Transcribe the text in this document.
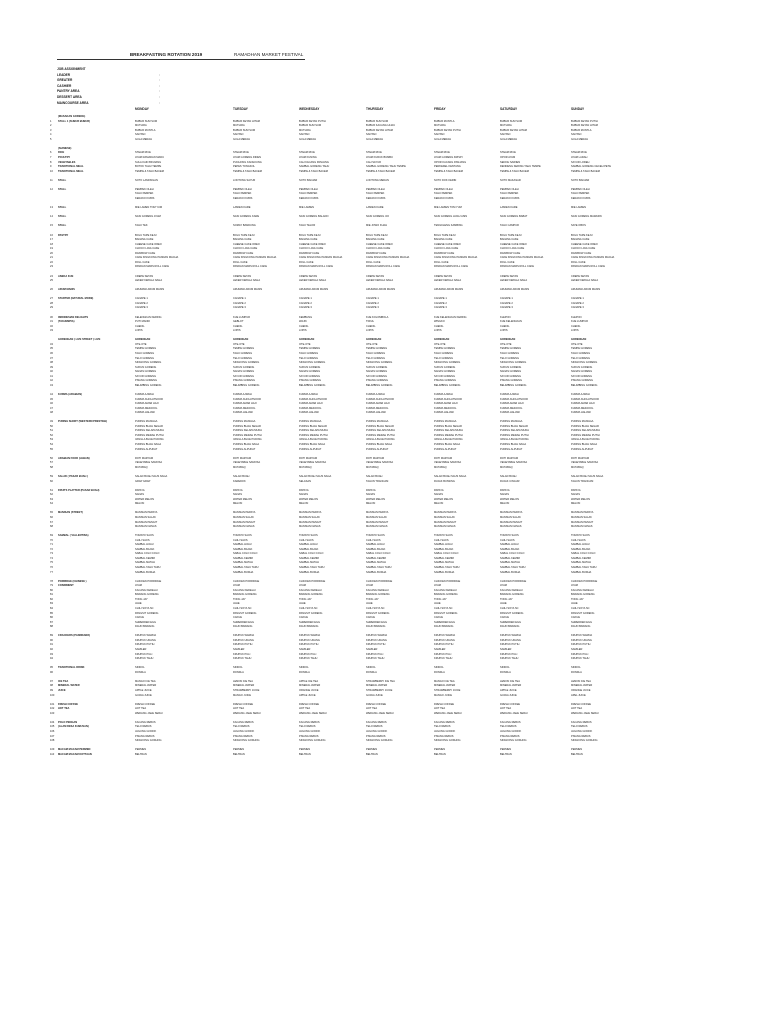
BREAKFASTING ROTATION 2019	RAMADHAN MARKET FESTIVAL
JOB ASSIGNMENT
LEADER	:
GREATER	:
CASHIER	:
PANTRY AREA	:
DESSERT AREA	:
MAINCOURSE AREA	:
MONDAY	TUESDAY	WEDNESDAY	THURSDAY	FRIDAY	SATURDAY	SUNDAY
(MASAKAN GORENG)
1	STALL 1 (SUBUR BUBUR)	BUBUR SUM SUM	BUBUR KETAN HITAM	BUBUR KETAN PUTIH	BUBUR SUM SUM	BUBUR MUNTLA	BUBUR SUM SUM	BUBUR KETAN PUTIH
2	MUTIARA	MUTIARA	BUBUR SUM SUM	BUBUR KACANG HIJAU	MUTIARA	MUTIARA	BUBUR KETAN HITAM
3	BUBUR MUNTLA	BUBUR SUM SUM	MUTIARA	BUBUR KETAN HITAM	BUBUR KETAN PUTIH	BUBUR KETAN HITAM	BUBUR MUNTLA
4	SANTAN	SANTAN	SANTAN	SANTAN	SANTAN	SANTAN	SANTAN
5	GULA MERAH	GULA MERAH	GULA MERAH	GULA MERAH	GULA MERAH	GULA MERAH	GULA MERAH
(SIAMESE)
6	RICE	STEAM RICE	STEAM RICE	STEAM RICE	STEAM RICE	STEAM RICE	STEAM RICE	STEAM RICE
7	POULTRY	AYAM RAMADAN MADU	AYAM GORENG INDEN	AYAM KUNING	AYAM KURUK BUMBU	AYAM GORENG KRISPI	OPOR AYAM	AYAM LADAH
8	VEGETABLES	SULA KAIN BINJIANG	PUCHONG KANGKUNG	CAH KACANG PANJANG	CAH SAYUR	OPOR KACANG PANJANG	SEDOH SAWIEN	SAYUR LODEH
9	TRADITIONAL MEAL	BOTOK TAHU TEMPE	PEPES TONGKOL	SAMBAL GORENG TAHU	SAMBAL GORENG TAHU TEMPE	PERKEDEL KENTANG	DENDENG KERING TAHU TEMPE	SAMBAL GORENG CECEH PETE
10 TRADITIONAL MEAL	TEMPE & TAHU BACEM	TEMPE & TAHU BACEM	TEMPE & TAHU BACEM	TEMPE & TAHU BACEM	TEMPE & TAHU BACEM	TEMPE & TAHU BACEM	TEMPE & TAHU BACEM
11 STALL	SOTO LAMONGAN	LONTONG SAYUR	SOTO BANJAR	LONTONG MEDAN	SOTO DOK KERIN	SOTO MAKASAR	SOTO BANJAR
12 STALL	PEMPEK OLEH	PEMPEK OLEH	PEMPEK OLEH	PEMPEK OLEH	PEMPEK OLEH	PEMPEK OLEH	PEMPEK OLEH
TAHU PEMPEK	TAHU PEMPEK	TAHU PEMPEK	TAHU PEMPEK	TAHU PEMPEK	TAHU PEMPEK	TAHU PEMPEK
KERAKO KUBIS	KERAKO KUBIS	KERAKO KUBIS	KERAKO KUBIS	KERAKO KUBIS	KERAKO KUBIS	KERAKO KUBIS
13 STALL	MIE LAMEN TOM YUM	LAMIEN KARE	MIE LAMIEN	LAMIEN KARE	MIE LAMIEN TOM YUM	LAMIEN KARE	MIE LAMIEN
14 STALL	NASI GORENG AYAM	NASI GORENG KARE	NASI GORENG BALADO	NASI GORENG IJO	NASI GORENG HIJAU ASIN	NASI GORENG BABAT	NASI GORENG MAWARN
15 STALL	TAHU TEK	SOMAY BANDUNG	TAHU TELOR	MIE JOWO KUAH	TENGKLENG KAMBING	TAHU CAMPUR	SATE OBOS
16 PASTRY	BOLU TAPE KEJU	BOLU TAPE KEJU	BOLU TAPE KEJU	BOLU TAPE KEJU	BOLU TAPE KEJU	BOLU TAPE KEJU	BOLU TAPE KEJU
17	BANANA CAKE	BANANA CAKE	BANANA CAKE	BANANA CAKE	BANANA CAKE	BANANA CAKE	BANANA CAKE
18	CHEESE CAKE OREO	CHEESE CAKE OREO	CHEESE CAKE OREO	CHEESE CAKE OREO	CHEESE CAKE OREO	CHEESE CAKE OREO	CHEESE CAKE OREO
19	CHOCO LAVA CAKE	CHOCO LAVA CAKE	CHOCO LAVA CAKE	CHOCO LAVA CAKE	CHOCO LAVA CAKE	CHOCO LAVA CAKE	CHOCO LAVA CAKE
20	RAINBOW CAKE	RAINBOW CAKE	RAINBOW CAKE	RAINBOW CAKE	RAINBOW CAKE	RAINBOW CAKE	RAINBOW CAKE
21	CAKE KINGKONG PANDAN MACHA	CAKE KINGKONG PANDAN MACHA	CAKE KINGKONG PANDAN MACHA	CAKE KINGKONG PANDAN MACHA	CAKE KINGKONG PANDAN MACHA	CAKE KINGKONG PANDAN MACHA	CAKE KINGKONG PANDAN MACHA
22	ROLL CAKE	ROLL CAKE	ROLL CAKE	ROLL CAKE	ROLL CAKE	ROLL CAKE	ROLL CAKE
23	PANDAN MARS ROLL CAKE	PANDAN MARS ROLL CAKE	PANDAN MARS ROLL CAKE	PANDAN MARS ROLL CAKE	PANDAN MARS ROLL CAKE	PANDAN MARS ROLL CAKE	PANDAN MARS ROLL CAKE
24 ANEKA KUE	CREPE SETAN	CREPE SETAN	CREPE SETAN	CREPE SETAN	CREPE SETAN	CREPE SETAN	CREPE SETAN
25	LEKER KEPALA NAGA	LEKER KEPALA NAGA	LEKER KEPALA NAGA	LEKER KEPALA NAGA	LEKER KEPALA NAGA	LEKER KEPALA NAGA	LEKER KEPALA NAGA
26 ARUM MANIS	ARUMANI ARUM MANIS	ARUMANI ARUM MANIS	ARUMANI ARUM MANIS	ARUMANI ARUM MANIS	ARUMANI ARUM MANIS	ARUMANI ARUM MANIS	ARUMANI ARUM MANIS
27 STARTER (NATURAL MODE)	CANAPE 1	CANAPE 1	CANAPE 1	CANAPE 1	CANAPE 1	CANAPE 1	CANAPE 1
28	CANAPE 2	CANAPE 2	CANAPE 2	CANAPE 2	CANAPE 2	CANAPE 2	CANAPE 2
29	CANAPE 3	CANAPE 3	CANAPE 3	CANAPE 3	CANAPE 3	CANAPE 3	CANAPE 3
30 INDONESIAN DELIGHTS	KELENGKAN KERING	KUE LUMPUR	KEMBUNG	KUE KOLOMBOLA	KUE KELENGKAN KERING	KLEPON	KLEPON
31 (TAKJEMPIA)	PUTI MANDI	GEBLOT	WAJIK	TIWUL	WINGKO	KUE KELENGKAN	KUE LUMPUR
32	CHENIL	CHENIL	CHENIL	CHENIL	CHENIL	CHENIL	CHENIL
33	LOPIS	LOPIS	LOPIS	LOPIS	LOPIS	LOPIS	LOPIS
GORENGAN ( LIVE STREET ) LIVE	GORENGAN	GORENGAN	GORENGAN	GORENGAN	GORENGAN	GORENGAN	GORENGAN
34	OTE-OTE	OTE-OTE	OTE-OTE	OTE-OTE	OTE-OTE	OTE-OTE	OTE-OTE
35	TEMPE GORENG	TEMPE GORENG	TEMPE GORENG	TEMPE GORENG	TEMPE GORENG	TEMPE GORENG	TEMPE GORENG
36	TAHU GORENG	TAHU GORENG	TAHU GORENG	TAHU GORENG	TAHU GORENG	TAHU GORENG	TAHU GORENG
37	TELO GORENG	TELO GORENG	TELO GORENG	TELO GORENG	TELO GORENG	TELO GORENG	TELO GORENG
38	SINGKONG GORENG	SINGKONG GORENG	SINGKONG GORENG	SINGKONG GORENG	SINGKONG GORENG	SINGKONG GORENG	SINGKONG GORENG
39	SUKUN GORENG	SUKUN GORENG	SUKUN GORENG	SUKUN GORENG	SUKUN GORENG	SUKUN GORENG	SUKUN GORENG
40	NANAS GORENG	NANAS GORENG	NANAS GORENG	NANAS GORENG	NANAS GORENG	NANAS GORENG	NANAS GORENG
41	SAYUR GORENG	SAYUR GORENG	SAYUR GORENG	SAYUR GORENG	SAYUR GORENG	SAYUR GORENG	SAYUR GORENG
42	PISANG GORENG	PISANG GORENG	PISANG GORENG	PISANG GORENG	PISANG GORENG	PISANG GORENG	PISANG GORENG
43	BELIMBING GORENG	BELIMBING GORENG	BELIMBING GORENG	BELIMBING GORENG	BELIMBING GORENG	BELIMBING GORENG	BELIMBING GORENG
44 KURMA (ARABIAN)	KURMA AJWAH	KURMA AJWAH	KURMA AJWAH	KURMA AJWAH	KURMA AJWAH	KURMA AJWAH	KURMA AJWAH
45	KURMA KHOLATNOOR	KURMA KHOLATNOOR	KURMA KHOLATNOOR	KURMA KHOLATNOOR	KURMA KHOLATNOOR	KURMA KHOLATNOOR	KURMA KHOLATNOOR
46	KURMA AMAR HAJI	KURMA AMAR HAJI	KURMA AMAR HAJI	KURMA AMAR HAJI	KURMA AMAR HAJI	KURMA AMAR HAJI	KURMA AMAR HAJI
47	KURMA MEDJOOL	KURMA MEDJOOL	KURMA MEDJOOL	KURMA MEDJOOL	KURMA MEDJOOL	KURMA MEDJOOL	KURMA MEDJOOL
48	KURMA HALAWI	KURMA HALAWI	KURMA HALAWI	KURMA HALAWI	KURMA HALAWI	KURMA HALAWI	KURMA HALAWI
49 PUDING SHORT (WESTERN PRESTIGE)	PUDING MANGGA	PUDING MANGGA	PUDING MANGGA	PUDING MANGGA	PUDING MANGGA	PUDING MANGGA	PUDING MANGGA
50	PUDING BUAH SEGAR	PUDING BUAH SEGAR	PUDING BUAH SEGAR	PUDING BUAH SEGAR	PUDING BUAH SEGAR	PUDING BUAH SEGAR	PUDING BUAH SEGAR
51	PUDING KELAPA MUDA	PUDING KELAPA MUDA	PUDING KELAPA MUDA	PUDING KELAPA MUDA	PUDING KELAPA MUDA	PUDING KELAPA MUDA	PUDING KELAPA MUDA
52	PUDING MERAH PUTIH	PUDING MERAH PUTIH	PUDING MERAH PUTIH	PUDING MERAH PUTIH	PUDING MERAH PUTIH	PUDING MERAH PUTIH	PUDING MERAH PUTIH
53	VANILLA BLUE PUDING	VANILLA BLUE PUDING	VANILLA BLUE PUDING	VANILLA BLUE PUDING	VANILLA BLUE PUDING	VANILLA BLUE PUDING	VANILLA BLUE PUDING
54	PUDING BUAH NAGA	PUDING BUAH NAGA	PUDING BUAH NAGA	PUDING BUAH NAGA	PUDING BUAH NAGA	PUDING BUAH NAGA	PUDING BUAH NAGA
55	PUDING ALPUKAT	PUDING ALPUKAT	PUDING ALPUKAT	PUDING ALPUKAT	PUDING ALPUKAT	PUDING ALPUKAT	PUDING ALPUKAT
56 ARABIAN FOOD (LEBAN)	ROTI MARYAM	ROTI MARYAM	ROTI MARYAM	ROTI MARYAM	ROTI MARYAM	ROTI MARYAM	ROTI MARYAM
57	VEGETABLE SAMOSA	VEGETABLE SAMOSA	VEGETABLE SAMOSA	VEGETABLE SAMOSA	VEGETABLE SAMOSA	VEGETABLE SAMOSA	VEGETABLE SAMOSA
58	MUTABAQ	MUTABAQ	MUTABAQ	MUTABAQ	MUTABAQ	MUTABAQ	MUTABAQ
59 SALAD ( PASAR BUAH )	SALAD BUAH SAUS NAGA	SALAD BUAH	SALAD BUAH SAUS NAGA	SALAD BUAH	SALAD BUAH SAUS NAGA	SALAD BUAH	SALAD BUAH SAUS NAGA
60	GRAP GRAP	KAREDOK	SELASAN	TAHUN TRANCAM	RUJAK BUSSING	RUJAK CINGUR	TAHUN TRANCAM
61 FRUITS PLATTER (PASAR BUAH)	PAPAYA	PAPAYA	PAPAYA	PAPAYA	PAPAYA	PAPAYA	PAPAYA
62	NANAS	NANAS	NANAS	NANAS	NANAS	NANAS	NANAS
63	WATER MELON	WATER MELON	WATER MELON	WATER MELON	WATER MELON	WATER MELON	WATER MELON
64	MELON	MELON	MELON	MELON	MELON	MELON	MELON
65 MANISAN (STREET)	MANISAN PEPAYA	MANISAN PEPAYA	MANISAN PEPAYA	MANISAN PEPAYA	MANISAN PEPAYA	MANISAN PEPAYA	MANISAN PEPAYA
66	MANISAN SALAK	MANISAN SALAK	MANISAN SALAK	MANISAN SALAK	MANISAN SALAK	MANISAN SALAK	MANISAN SALAK
67	MANISAN PENGIT	MANISAN PENGIT	MANISAN PENGIT	MANISAN PENGIT	MANISAN PENGIT	MANISAN PENGIT	MANISAN PENGIT
68	MANISAN NANAS	MANISAN NANAS	MANISAN NANAS	MANISAN NANAS	MANISAN NANAS	MANISAN NANAS	MANISAN NANAS
69 SAMBAL ( VALLENTINA)	TOMATO SAOS	TOMATO SAOS	TOMATO SAOS	TOMATO SAOS	TOMATO SAOS	TOMATO SAOS	TOMATO SAOS
70	CHILI SAOS	CHILI SAOS	CHILI SAOS	CHILI SAOS	CHILI SAOS	CHILI SAOS	CHILI SAOS
71	SAMBAL HIJAU	SAMBAL HIJAU	SAMBAL HIJAU	SAMBAL HIJAU	SAMBAL HIJAU	SAMBAL HIJAU	SAMBAL HIJAU
72	SAMBAL BAJAK	SAMBAL BAJAK	SAMBAL BAJAK	SAMBAL BAJAK	SAMBAL BAJAK	SAMBAL BAJAK	SAMBAL BAJAK
73	SABAL COLO COLO	SABAL COLO COLO	SABAL COLO COLO	SABAL COLO COLO	SABAL COLO COLO	SABAL COLO COLO	SABAL COLO COLO
74	SAMBAL KEMIRI	SAMBAL KEMIRI	SAMBAL KEMIRI	SAMBAL KEMIRI	SAMBAL KEMIRI	SAMBAL KEMIRI	SAMBAL KEMIRI
75	SAMBAL MATAH	SAMBAL MATAH	SAMBAL MATAH	SAMBAL MATAH	SAMBAL MATAH	SAMBAL MATAH	SAMBAL MATAH
76	SAMBAL TAHU TARU	SAMBAL TAHU TARU	SAMBAL TAHU TARU	SAMBAL TAHU TARU	SAMBAL TAHU TARU	SAMBAL TAHU TARU	SAMBAL TAHU TARU
77	SAMBAL BUDHA	SAMBAL BUDHA	SAMBAL BUDHA	SAMBAL BUDHA	SAMBAL BUDHA	SAMBAL BUDHA	SAMBAL BUDHA
78 PORRIDGE (CHINESE )	CHICKEN PORRIDGE	CHICKEN PORRIDGE	CHICKEN PORRIDGE	CHICKEN PORRIDGE	CHICKEN PORRIDGE	CHICKEN PORRIDGE	CHICKEN PORRIDGE
79 CONDIMENT	AYAM	AYAM	AYAM	AYAM	AYAM	AYAM	AYAM
80	KACANG KEDELAI	KACANG KEDELAI	KACANG KEDELAI	KACANG KEDELAI	KACANG KEDELAI	KACANG KEDELAI	KACANG KEDELAI
81	BAWANG GORENG	BAWANG GORENG	BAWANG GORENG	BAWANG GORENG	BAWANG GORENG	BAWANG GORENG	BAWANG GORENG
82	TONG JAY	TONG JAY	TONG JAY	TONG JAY	TONG JAY	TONG JAY	TONG JAY
83	JAHE	JAHE	JAHE	JAHE	JAHE	JAHE	JAHE
84	CHILI SOYA SC	CHILI SOYA SC	CHILI SOYA SC	CHILI SOYA SC	CHILI SOYA SC	CHILI SOYA SC	CHILI SOYA SC
85	PANGSIT GORENG	PANGSIT GORENG	PANGSIT GORENG	PANGSIT GORENG	PANGSIT GORENG	PANGSIT GORENG	PANGSIT GORENG
86	CAKUE	CAKUE	CAKUE	CAKUE	CAKUE	CAKUE	CAKUE
87	SHREDDED EGG	SHREDDED EGG	SHREDDED EGG	SHREDDED EGG	SHREDDED EGG	SHREDDED EGG	SHREDDED EGG
88	DAUN BAWANG	DAUN BAWANG	DAUN BAWANG	DAUN BAWANG	DAUN BAWANG	DAUN BAWANG	DAUN BAWANG
89 CRACKERS (PANDRAWA)	KRUPUK WARNA	KRUPUK WARNA	KRUPUK WARNA	KRUPUK WARNA	KRUPUK WARNA	KRUPUK WARNA	KRUPUK WARNA
90	KRUPUK UDANG	KRUPUK UDANG	KRUPUK UDANG	KRUPUK UDANG	KRUPUK UDANG	KRUPUK UDANG	KRUPUK UDANG
91	KRUPUK PUTIH	KRUPUK PUTIH	KRUPUK PUTIH	KRUPUK PUTIH	KRUPUK PUTIH	KRUPUK PUTIH	KRUPUK PUTIH
92	SAMILER	SAMILER	SAMILER	SAMILER	SAMILER	SAMILER	SAMILER
93	KRUPUK PULI	KRUPUK PULI	KRUPUK PULI	KRUPUK PULI	KRUPUK PULI	KRUPUK PULI	KRUPUK PULI
94	KRUPUK TAHU	KRUPUK TAHU	KRUPUK TAHU	KRUPUK TAHU	KRUPUK TAHU	KRUPUK TAHU	KRUPUK TAHU
95 TRADITIONAL DRINK	SINDOL	SINDOL	SINDOL	SINDOL	SINDOL	SINDOL	SINDOL
96	RONDLA	RONDLA	RONDLA	RONDLA	RONDLA	RONDLA	RONDLA
97 ICE TEA	MANGO ICE TEA	LEMON ICE TEA	APPLE ICE TEA	STRAWBERRY ICE TEA	MANGO ICE TEA	LEMON ICE TEA	LEMON ICE TEA
98 MINERAL WATER	MINERAL WATER	MINERAL WATER	MINERAL WATER	MINERAL WATER	MINERAL WATER	MINERAL WATER	MINERAL WATER
99 JUICE	APPLE JUICE	STRAWBERRY JUICE	ORANGE JUICE	STRAWBERRY JUICE	STRAWBERRY JUICE	APPLE JUICE	ORANGE JUICE
100	GUAVA JUICE	MANGO JUICE	APPLE JUICE	GUAVA JUICE	MANGO JUICE	GUAVA JUICE	APEL JUICE
101 FRESH COFFEE	FRESH COFFEE	FRESH COFFEE	FRESH COFFEE	FRESH COFFEE	FRESH COFFEE	FRESH COFFEE	FRESH COFFEE
102 HOT TEA	HOT TEA	HOT TEA	HOT TEA	HOT TEA	HOT TEA	HOT TEA	HOT TEA
103	WEDANG JAHE SERAI	WEDANG JAHE SERAI	WEDANG JAHE SERAI	WEDANG JAHE SERAI	WEDANG JAHE SERAI	WEDANG JAHE SERAI	WEDANG JAHE SERAI
104 POLO PENGAN	KACANG REBUS	KACANG REBUS	KACANG REBUS	KACANG REBUS	KACANG REBUS	KACANG REBUS	KACANG REBUS
105 (ALAM DESA KUBUSAN)	TELO REBUS	TELO REBUS	TELO REBUS	TELO REBUS	TELO REBUS	TELO REBUS	TELO REBUS
106	JAGUNG GODOK	JAGUNG GODOK	JAGUNG GODOK	JAGUNG GODOK	JAGUNG GODOK	JAGUNG GODOK	JAGUNG GODOK
107	PISANG REBUS	PISANG REBUS	PISANG REBUS	PISANG REBUS	PISANG REBUS	PISANG REBUS	PISANG REBUS
108	SINGKONG GODHOG	SINGKONG GODHOG	SINGKONG GODHOG	SINGKONG GODHOG	SINGKONG GODHOG	SINGKONG GODHOG	SINGKONG GODHOG
109 MACAM MACAM PERMEN	PERMEN	PERMEN	PERMEN	PERMEN	PERMEN	PERMEN	PERMEN
110 MACAM MACAM KOTTAAN	BELTRAN	BELTRAN	BELTRAN	BELTRAN	BELTRAN	BELTRAN	BELTRAN
